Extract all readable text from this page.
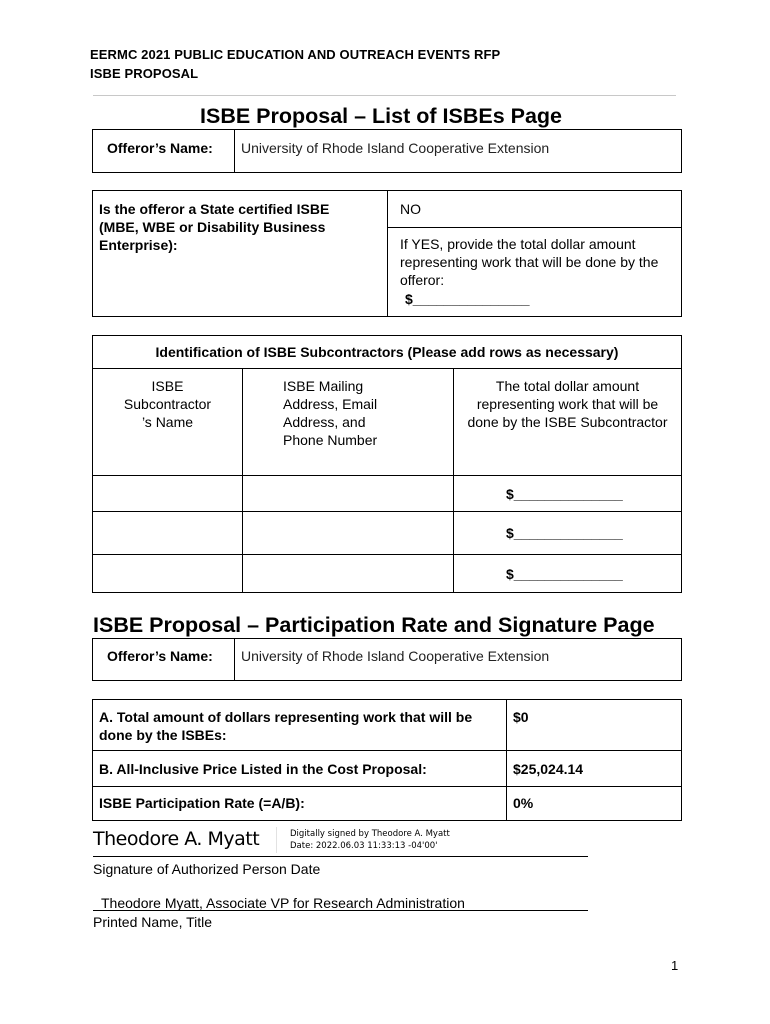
EERMC 2021 PUBLIC EDUCATION AND OUTREACH EVENTS RFP
ISBE PROPOSAL
ISBE Proposal – List of ISBEs Page
Offeror’s Name: University of Rhode Island Cooperative Extension
Is the offeror a State certified ISBE (MBE, WBE or Disability Business Enterprise):
NO
If YES, provide the total dollar amount representing work that will be done by the offeror:
$_______________
Identification of ISBE Subcontractors (Please add rows as necessary)		

ISBE Subcontractor ’s Name	ISBE Mailing Address, Email Address, and Phone Number	The total dollar amount representing work that will be done by the ISBE Subcontractor

		$______________
		$______________
		$______________
ISBE Proposal – Participation Rate and Signature Page
Offeror’s Name: University of Rhode Island Cooperative Extension
A. Total amount of dollars representing work that will be done by the ISBEs:	$0
B. All-Inclusive Price Listed in the Cost Proposal:	$25,024.14
ISBE Participation Rate (=A/B):	0%
Theodore A. Myatt	Digitally signed by Theodore A. Myatt
Date: 2022.06.03 11:33:13 -04'00'
Signature of Authorized Person Date
Theodore Myatt, Associate VP for Research Administration
Printed Name, Title
1
